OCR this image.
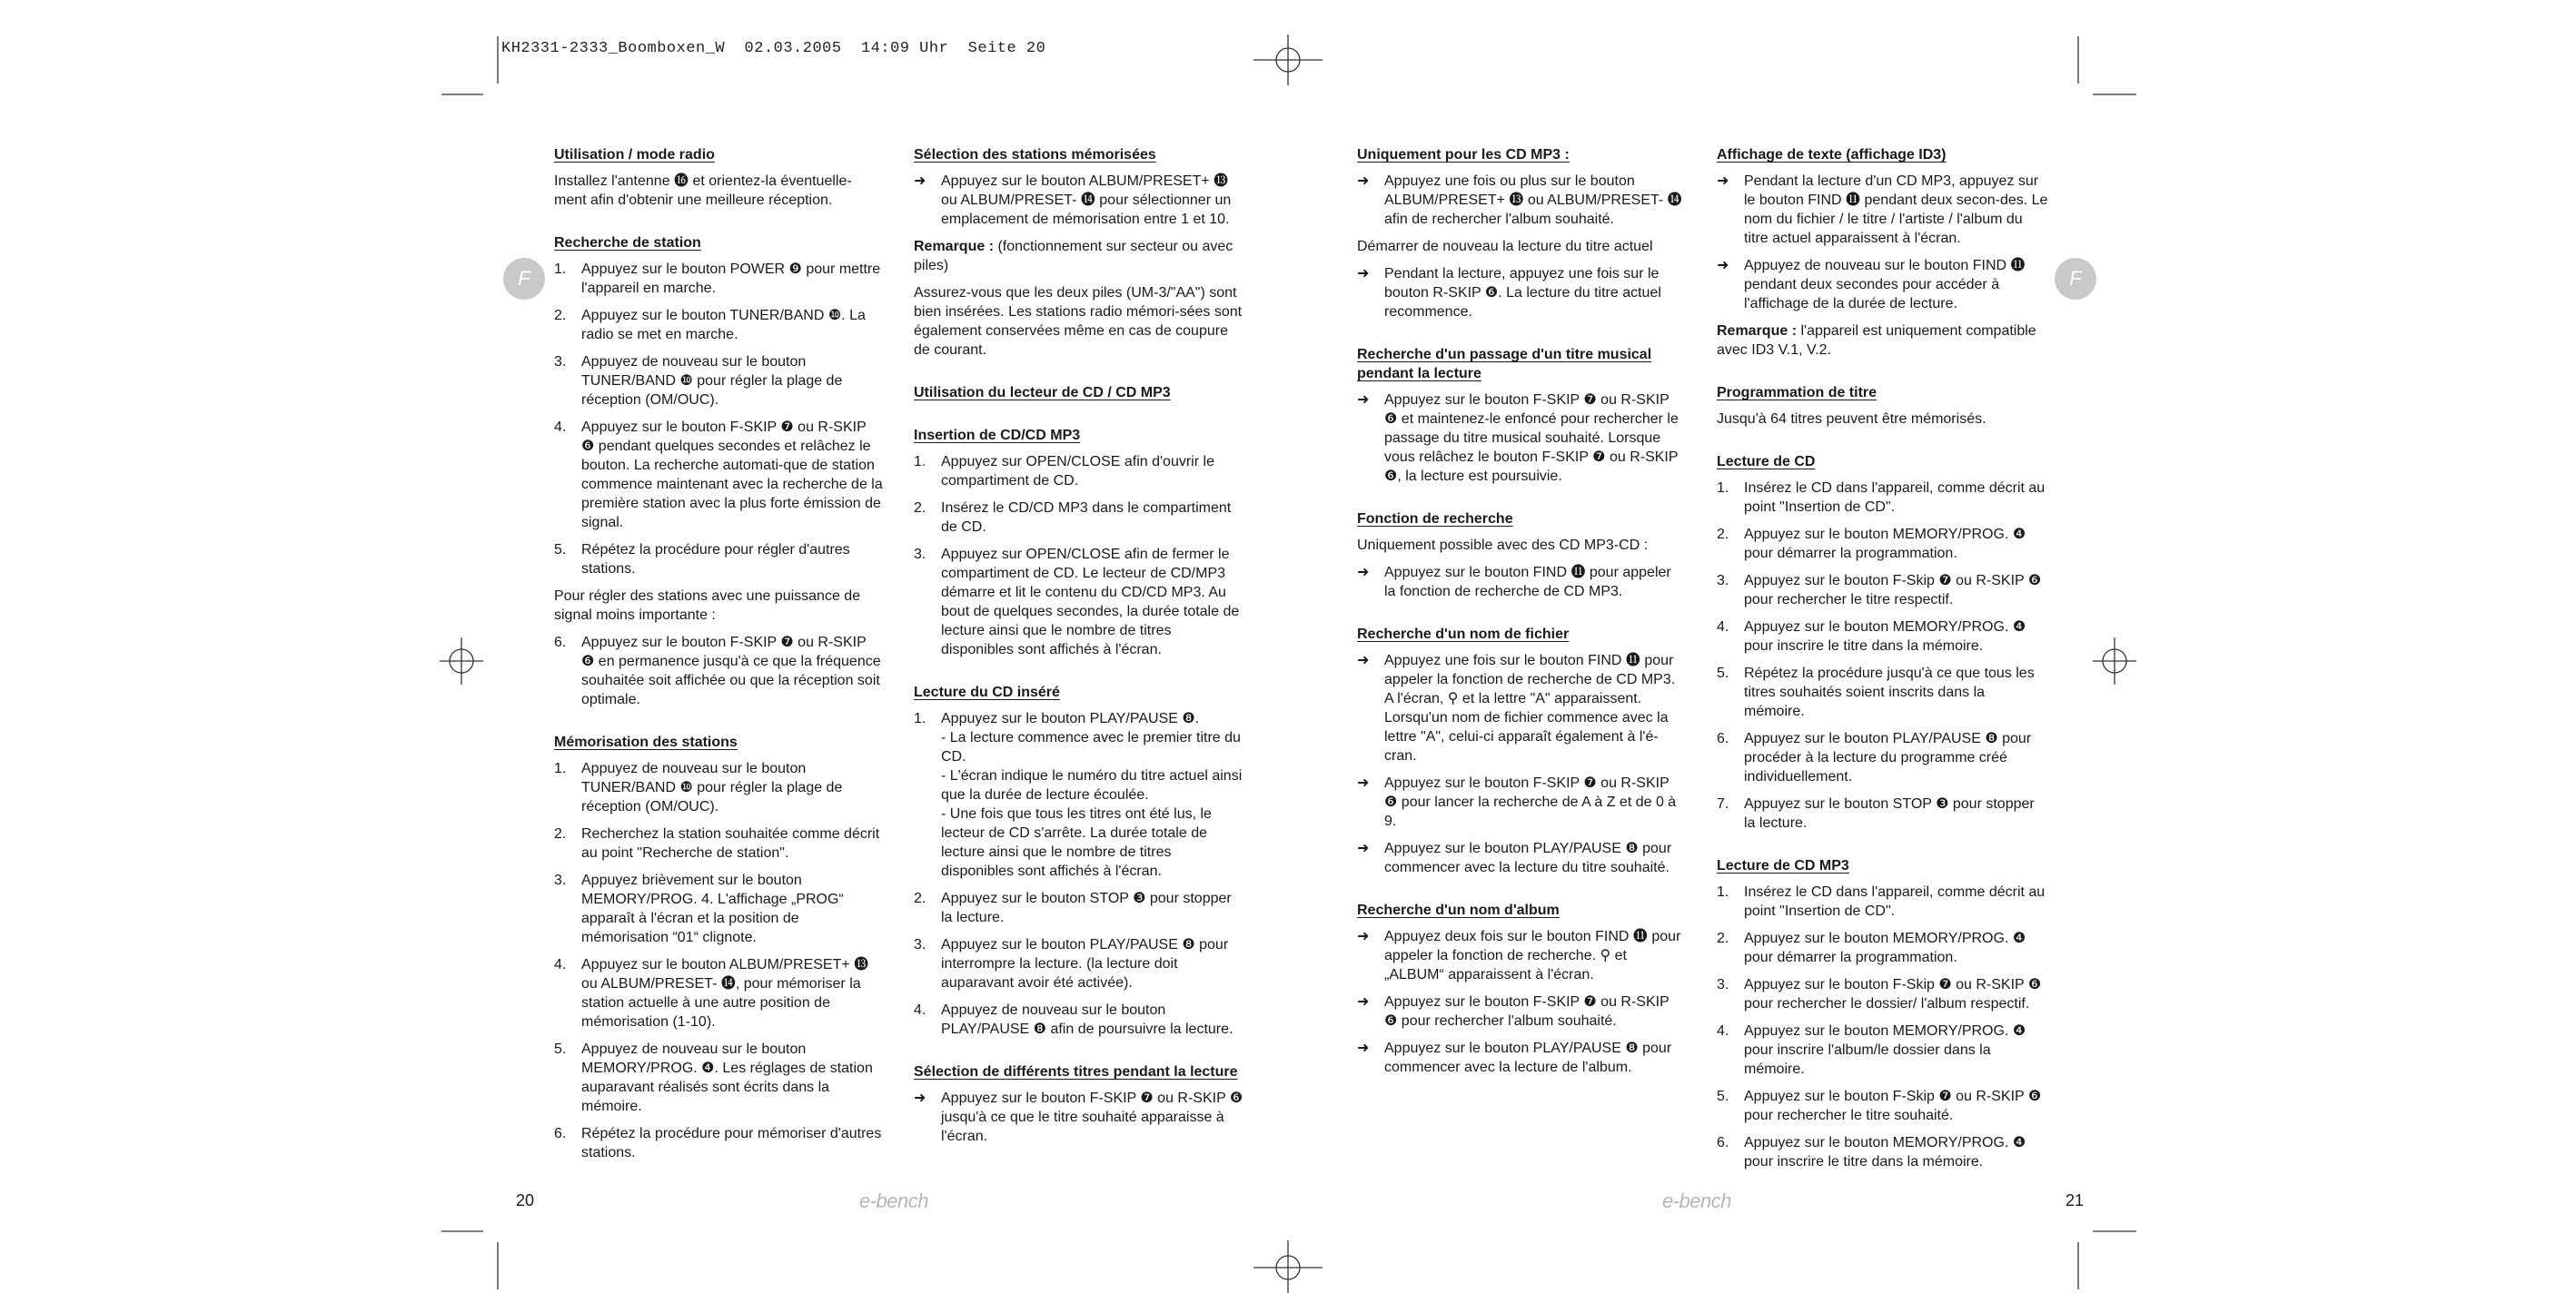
KH2331-2333_Boomboxen_W  02.03.2005  14:09 Uhr  Seite 20
F	F
Utilisation / mode radio
Installez l'antenne ⓰ et orientez-la éventuelle-ment afin d'obtenir une meilleure réception.
Recherche de station
1.	Appuyez sur le bouton POWER ❾ pour mettre l'appareil en marche.
2.	Appuyez sur le bouton TUNER/BAND ❿. La radio se met en marche.
3.	Appuyez de nouveau sur le bouton TUNER/BAND ❿ pour régler la plage de réception (OM/OUC).
4.	Appuyez sur le bouton F-SKIP ❼ ou R-SKIP ❻ pendant quelques secondes et relâchez le bouton. La recherche automati-que de station commence maintenant avec la recherche de la première station avec la plus forte émission de signal.
5.	Répétez la procédure pour régler d'autres stations.
Pour régler des stations avec une puissance de signal moins importante :
6.	Appuyez sur le bouton F-SKIP ❼ ou R-SKIP ❻ en permanence jusqu'à ce que la fréquence souhaitée soit affichée ou que la réception soit optimale.
Mémorisation des stations
1.	Appuyez de nouveau sur le bouton TUNER/BAND ❿ pour régler la plage de réception (OM/OUC).
2.	Recherchez la station souhaitée comme décrit au point "Recherche de station".
3.	Appuyez brièvement sur le bouton MEMORY/PROG. 4. L'affichage „PROG“ apparaît à l'écran et la position de mémorisation “01“ clignote.
4.	Appuyez sur le bouton ALBUM/PRESET+ ⓭ ou ALBUM/PRESET- ⓮, pour mémoriser la station actuelle à une autre position de mémorisation (1-10).
5.	Appuyez de nouveau sur le bouton MEMORY/PROG. ❹. Les réglages de station auparavant réalisés sont écrits dans la mémoire.
6.	Répétez la procédure pour mémoriser d'autres stations.
Sélection des stations mémorisées
➜	Appuyez sur le bouton ALBUM/PRESET+ ⓭ ou ALBUM/PRESET- ⓮ pour sélectionner un emplacement de mémorisation entre 1 et 10.
Remarque : (fonctionnement sur secteur ou avec piles)
Assurez-vous que les deux piles (UM-3/"AA") sont bien insérées. Les stations radio mémori-sées sont également conservées même en cas de coupure de courant.
Utilisation du lecteur de CD / CD MP3
Insertion de CD/CD MP3
1.	Appuyez sur OPEN/CLOSE afin d'ouvrir le compartiment de CD.
2.	Insérez le CD/CD MP3 dans le compartiment de CD.
3.	Appuyez sur OPEN/CLOSE afin de fermer le compartiment de CD. Le lecteur de CD/MP3 démarre et lit le contenu du CD/CD MP3. Au bout de quelques secondes, la durée totale de lecture ainsi que le nombre de titres disponibles sont affichés à l'écran.
Lecture du CD inséré
1.	Appuyez sur le bouton PLAY/PAUSE ❽.
- La lecture commence avec le premier titre du CD.
- L'écran indique le numéro du titre actuel ainsi que la durée de lecture écoulée.
- Une fois que tous les titres ont été lus, le lecteur de CD s'arrête. La durée totale de lecture ainsi que le nombre de titres disponibles sont affichés à l'écran.
2.	Appuyez sur le bouton STOP ❸ pour stopper la lecture.
3.	Appuyez sur le bouton PLAY/PAUSE ❽ pour interrompre la lecture. (la lecture doit auparavant avoir été activée).
4.	Appuyez de nouveau sur le bouton PLAY/PAUSE ❽ afin de poursuivre la lecture.
Sélection de différents titres pendant la lecture
➜	Appuyez sur le bouton F-SKIP ❼ ou R-SKIP ❻ jusqu'à ce que le titre souhaité apparaisse à l'écran.
Uniquement pour les CD MP3 :
➜	Appuyez une fois ou plus sur le bouton ALBUM/PRESET+ ⓭ ou ALBUM/PRESET- ⓮ afin de rechercher l'album souhaité.
Démarrer de nouveau la lecture du titre actuel
➜	Pendant la lecture, appuyez une fois sur le bouton R-SKIP ❻. La lecture du titre actuel recommence.
Recherche d'un passage d'un titre musical pendant la lecture
➜	Appuyez sur le bouton F-SKIP ❼ ou R-SKIP ❻ et maintenez-le enfoncé pour rechercher le passage du titre musical souhaité. Lorsque vous relâchez le bouton F-SKIP ❼ ou R-SKIP ❻, la lecture est poursuivie.
Fonction de recherche
Uniquement possible avec des CD MP3-CD :
➜	Appuyez sur le bouton FIND ⓫ pour appeler la fonction de recherche de CD MP3.
Recherche d'un nom de fichier
➜	Appuyez une fois sur le bouton FIND ⓫ pour appeler la fonction de recherche de CD MP3. A l'écran, ⚲ et la lettre "A" apparaissent. Lorsqu'un nom de fichier commence avec la lettre "A", celui-ci apparaît également à l'é-cran.
➜	Appuyez sur le bouton F-SKIP ❼ ou R-SKIP ❻ pour lancer la recherche de A à Z et de 0 à 9.
➜	Appuyez sur le bouton PLAY/PAUSE ❽ pour commencer avec la lecture du titre souhaité.
Recherche d'un nom d'album
➜	Appuyez deux fois sur le bouton FIND ⓫ pour appeler la fonction de recherche. ⚲ et „ALBUM“ apparaissent à l'écran.
➜	Appuyez sur le bouton F-SKIP ❼ ou R-SKIP ❻ pour rechercher l'album souhaité.
➜	Appuyez sur le bouton PLAY/PAUSE ❽ pour commencer avec la lecture de l'album.
Affichage de texte (affichage ID3)
➜	Pendant la lecture d'un CD MP3, appuyez sur le bouton FIND ⓫ pendant deux secon-des. Le nom du fichier / le titre / l'artiste / l'album du titre actuel apparaissent à l'écran.
➜	Appuyez de nouveau sur le bouton FIND ⓫ pendant deux secondes pour accéder à l'affichage de la durée de lecture.
Remarque : l'appareil est uniquement compatible avec ID3 V.1, V.2.
Programmation de titre
Jusqu'à 64 titres peuvent être mémorisés.
Lecture de CD
1.	Insérez le CD dans l'appareil, comme décrit au point "Insertion de CD".
2.	Appuyez sur le bouton MEMORY/PROG. ❹ pour démarrer la programmation.
3.	Appuyez sur le bouton F-Skip ❼ ou R-SKIP ❻ pour rechercher le titre respectif.
4.	Appuyez sur le bouton MEMORY/PROG. ❹ pour inscrire le titre dans la mémoire.
5.	Répétez la procédure jusqu'à ce que tous les titres souhaités soient inscrits dans la mémoire.
6.	Appuyez sur le bouton PLAY/PAUSE ❽ pour procéder à la lecture du programme créé individuellement.
7.	Appuyez sur le bouton STOP ❸ pour stopper la lecture.
Lecture de CD MP3
1.	Insérez le CD dans l'appareil, comme décrit au point "Insertion de CD".
2.	Appuyez sur le bouton MEMORY/PROG. ❹ pour démarrer la programmation.
3.	Appuyez sur le bouton F-Skip ❼ ou R-SKIP ❻ pour rechercher le dossier/ l'album respectif.
4.	Appuyez sur le bouton MEMORY/PROG. ❹ pour inscrire l'album/le dossier dans la mémoire.
5.	Appuyez sur le bouton F-Skip ❼ ou R-SKIP ❻ pour rechercher le titre souhaité.
6.	Appuyez sur le bouton MEMORY/PROG. ❹ pour inscrire le titre dans la mémoire.
20	e-bench	e-bench	21
